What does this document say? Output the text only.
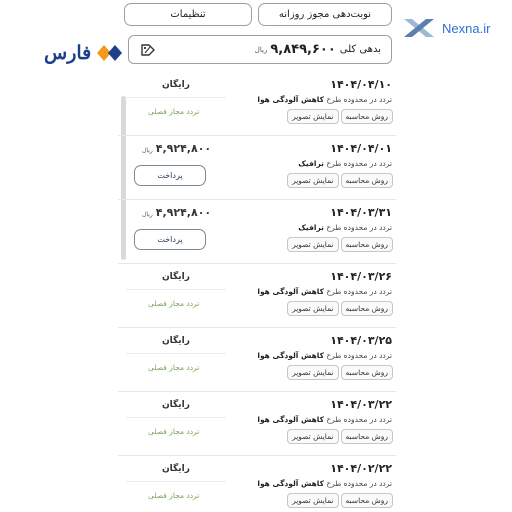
تنظیمات	نوبت‌دهی مجوز روزانه
فارس
Nexna.ir
بدهی کلی
۹,۸۴۹,۶۰۰
ریال
۱۴۰۴/۰۴/۱۰
تردد در محدوده طرح کاهش آلودگی هوا
روش محاسبه
نمایش تصویر
رایگان
تردد مجاز فصلی
۱۴۰۴/۰۴/۰۱
تردد در محدوده طرح ترافیک
روش محاسبه
نمایش تصویر
ریال ۴,۹۲۴,۸۰۰
پرداخت
۱۴۰۴/۰۳/۳۱
تردد در محدوده طرح ترافیک
روش محاسبه
نمایش تصویر
ریال ۴,۹۲۴,۸۰۰
پرداخت
۱۴۰۴/۰۳/۲۶
تردد در محدوده طرح کاهش آلودگی هوا
روش محاسبه
نمایش تصویر
رایگان
تردد مجاز فصلی
۱۴۰۴/۰۳/۲۵
تردد در محدوده طرح کاهش آلودگی هوا
روش محاسبه
نمایش تصویر
رایگان
تردد مجاز فصلی
۱۴۰۴/۰۳/۲۲
تردد در محدوده طرح کاهش آلودگی هوا
روش محاسبه
نمایش تصویر
رایگان
تردد مجاز فصلی
۱۴۰۴/۰۲/۲۲
تردد در محدوده طرح کاهش آلودگی هوا
روش محاسبه
نمایش تصویر
رایگان
تردد مجاز فصلی
